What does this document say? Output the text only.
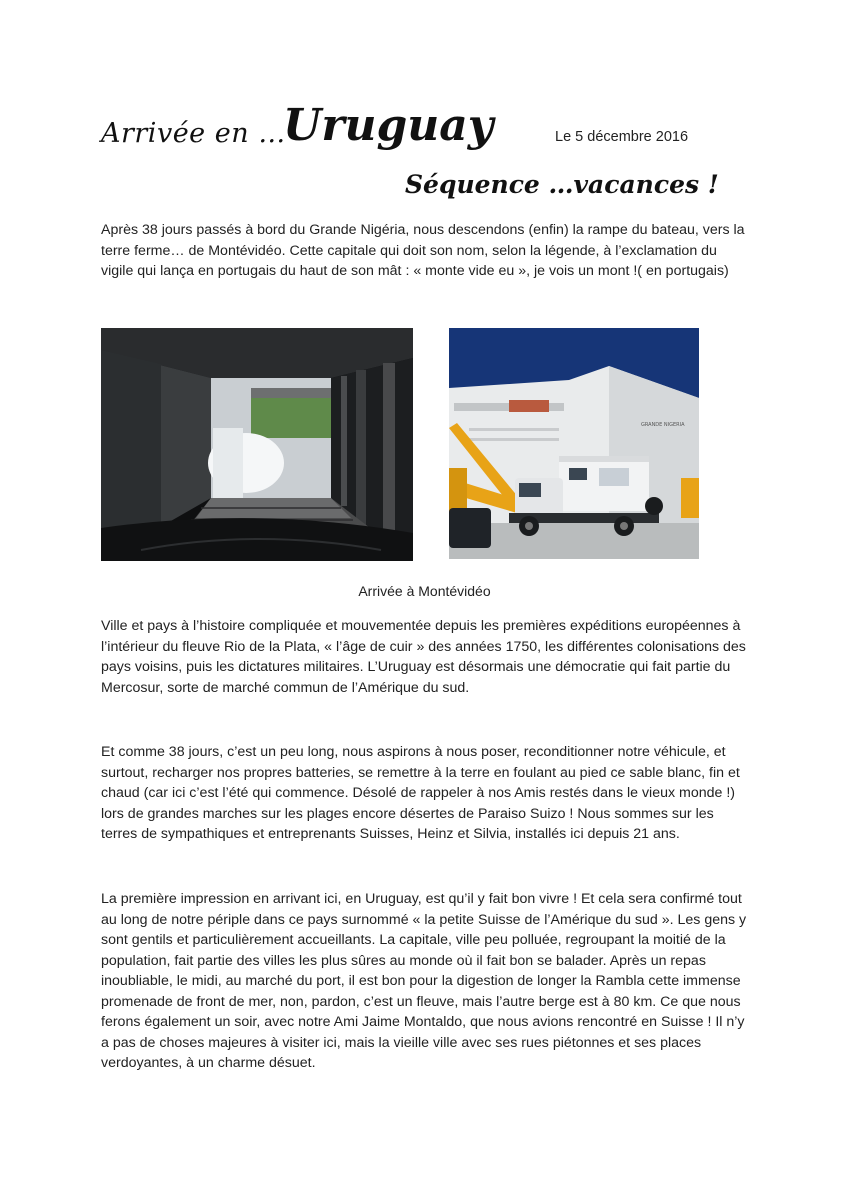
Arrivée en …
Uruguay	Le 5 décembre 2016
Séquence …vacances !

Après 38 jours passés à bord du Grande Nigéria, nous descendons (enfin) la rampe du bateau, vers la terre ferme… de Montévidéo. Cette capitale qui doit son nom, selon la légende, à l’exclamation du vigile qui lança en portugais du haut de son mât : « monte vide eu », je vois un mont !( en portugais)

GRANDE NIGERIA
Arrivée à Montévidéo

Ville et pays à l’histoire compliquée et mouvementée depuis les premières expéditions européennes à l’intérieur du fleuve Rio de la Plata, « l’âge de cuir » des années 1750, les différentes colonisations des pays voisins, puis les dictatures militaires. L’Uruguay est désormais une démocratie qui fait partie du Mercosur, sorte de marché commun de l’Amérique du sud.

Et comme 38 jours, c’est un peu long, nous aspirons à nous poser, reconditionner notre véhicule, et surtout, recharger nos propres batteries, se remettre à la terre en foulant au pied ce sable blanc, fin et chaud (car ici c’est l’été qui commence. Désolé de rappeler à nos Amis restés dans le vieux monde !) lors de grandes marches sur les plages encore désertes de Paraiso Suizo ! Nous sommes sur les terres de sympathiques et entreprenants Suisses, Heinz et Silvia, installés ici depuis 21 ans.

La première impression en arrivant ici, en Uruguay, est qu’il y fait bon vivre ! Et cela sera confirmé tout au long de notre périple dans ce pays surnommé « la petite Suisse de l’Amérique du sud ». Les gens y sont gentils et particulièrement accueillants. La capitale, ville peu polluée, regroupant la moitié de la population, fait partie des villes les plus sûres au monde où il fait bon se balader. Après un repas inoubliable, le midi, au marché du port, il est bon pour la digestion de longer la Rambla cette immense promenade de front de mer, non, pardon, c’est un fleuve, mais l’autre berge est à 80 km. Ce que nous ferons également un soir, avec notre Ami Jaime Montaldo, que nous avions rencontré en Suisse ! Il n’y a pas de choses majeures à visiter ici, mais la vieille ville avec ses rues piétonnes et ses places verdoyantes, à un charme désuet.
